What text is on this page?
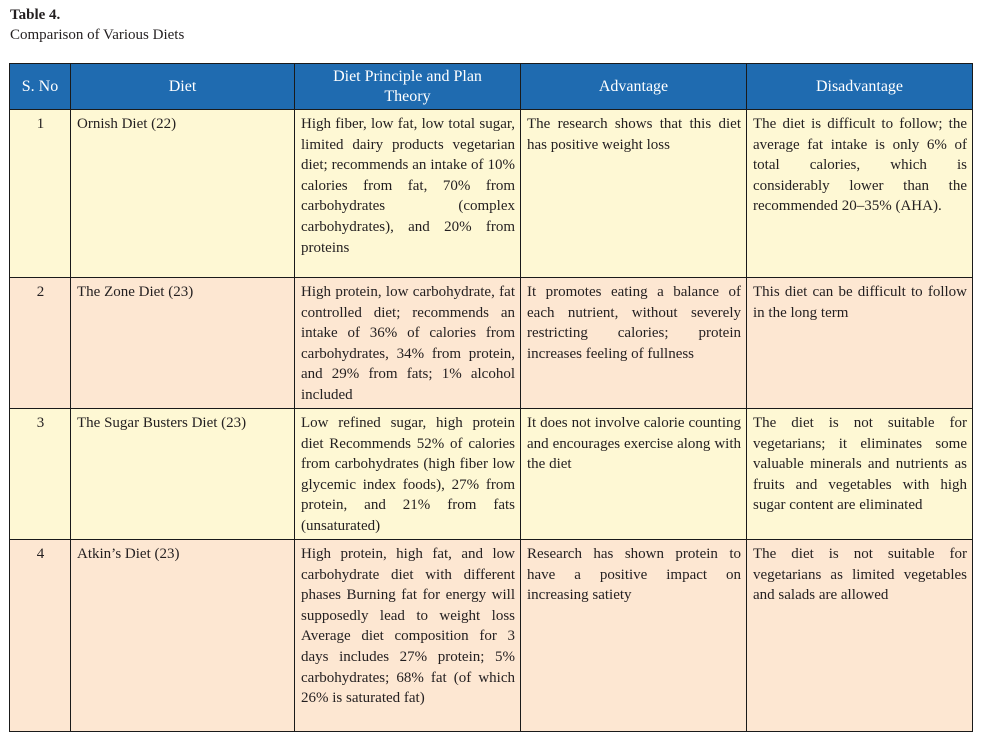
Table 4.
Comparison of Various Diets
S. No	Diet	Diet Principle and Plan Theory	Advantage	Disadvantage
1	Ornish Diet (22)	High fiber, low fat, low total sugar, limited dairy products vegetarian diet; recommends an intake of 10% calories from fat, 70% from carbohydrates (complex carbohydrates), and 20% from proteins	The research shows that this diet has positive weight loss	The diet is difficult to follow; the average fat intake is only 6% of total calories, which is considerably lower than the recommended 20–35% (AHA).
2	The Zone Diet (23)	High protein, low carbohydrate, fat controlled diet; recommends an intake of 36% of calories from carbohydrates, 34% from protein, and 29% from fats; 1% alcohol included	It promotes eating a balance of each nutrient, without severely restricting calories; protein increases feeling of fullness	This diet can be difficult to follow in the long term
3	The Sugar Busters Diet (23)	Low refined sugar, high protein diet Recommends 52% of calories from carbohydrates (high fiber low glycemic index foods), 27% from protein, and 21% from fats (unsaturated)	It does not involve calorie counting and encourages exercise along with the diet	The diet is not suitable for vegetarians; it eliminates some valuable minerals and nutrients as fruits and vegetables with high sugar content are eliminated
4	Atkin’s Diet (23)	High protein, high fat, and low carbohydrate diet with different phases Burning fat for energy will supposedly lead to weight loss Average diet composition for 3 days includes 27% protein; 5% carbohydrates; 68% fat (of which 26% is saturated fat)	Research has shown protein to have a positive impact on increasing satiety	The diet is not suitable for vegetarians as limited vegetables and salads are allowed
